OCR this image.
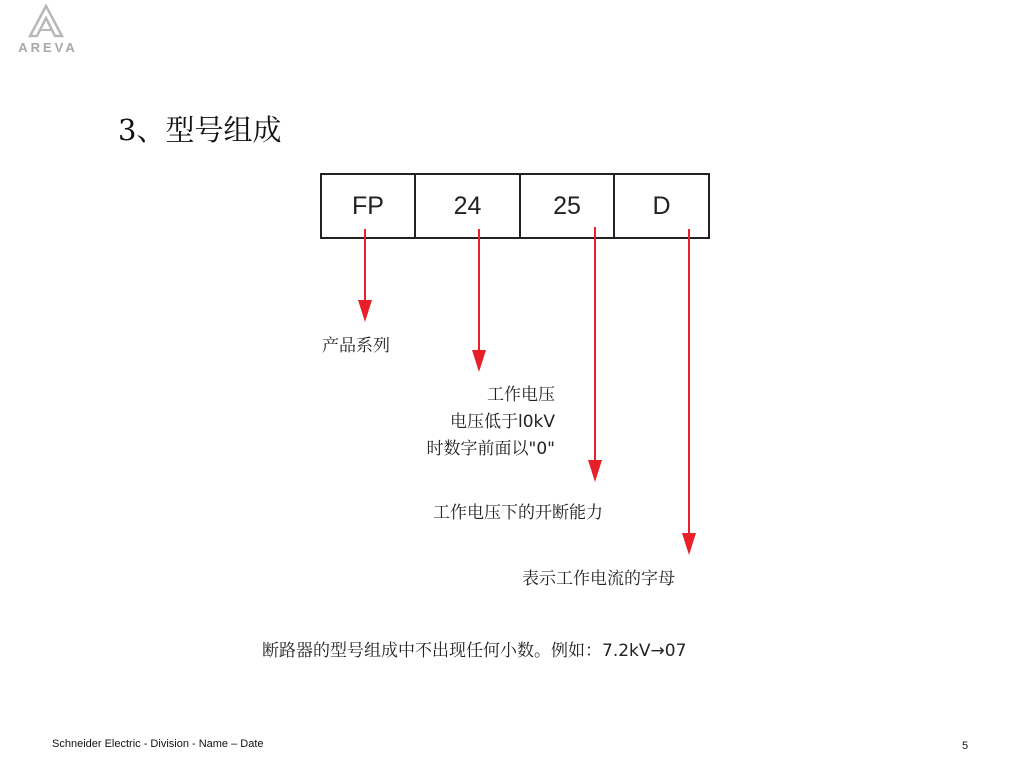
AREVA
3、型号组成
FP	24	25	D
产品系列
工作电压
电压低于l0kV
时数字前面以"0"
工作电压下的开断能力
表示工作电流的字母
断路器的型号组成中不出现任何小数。例如：7.2kV→07
Schneider Electric - Division - Name – Date	5
